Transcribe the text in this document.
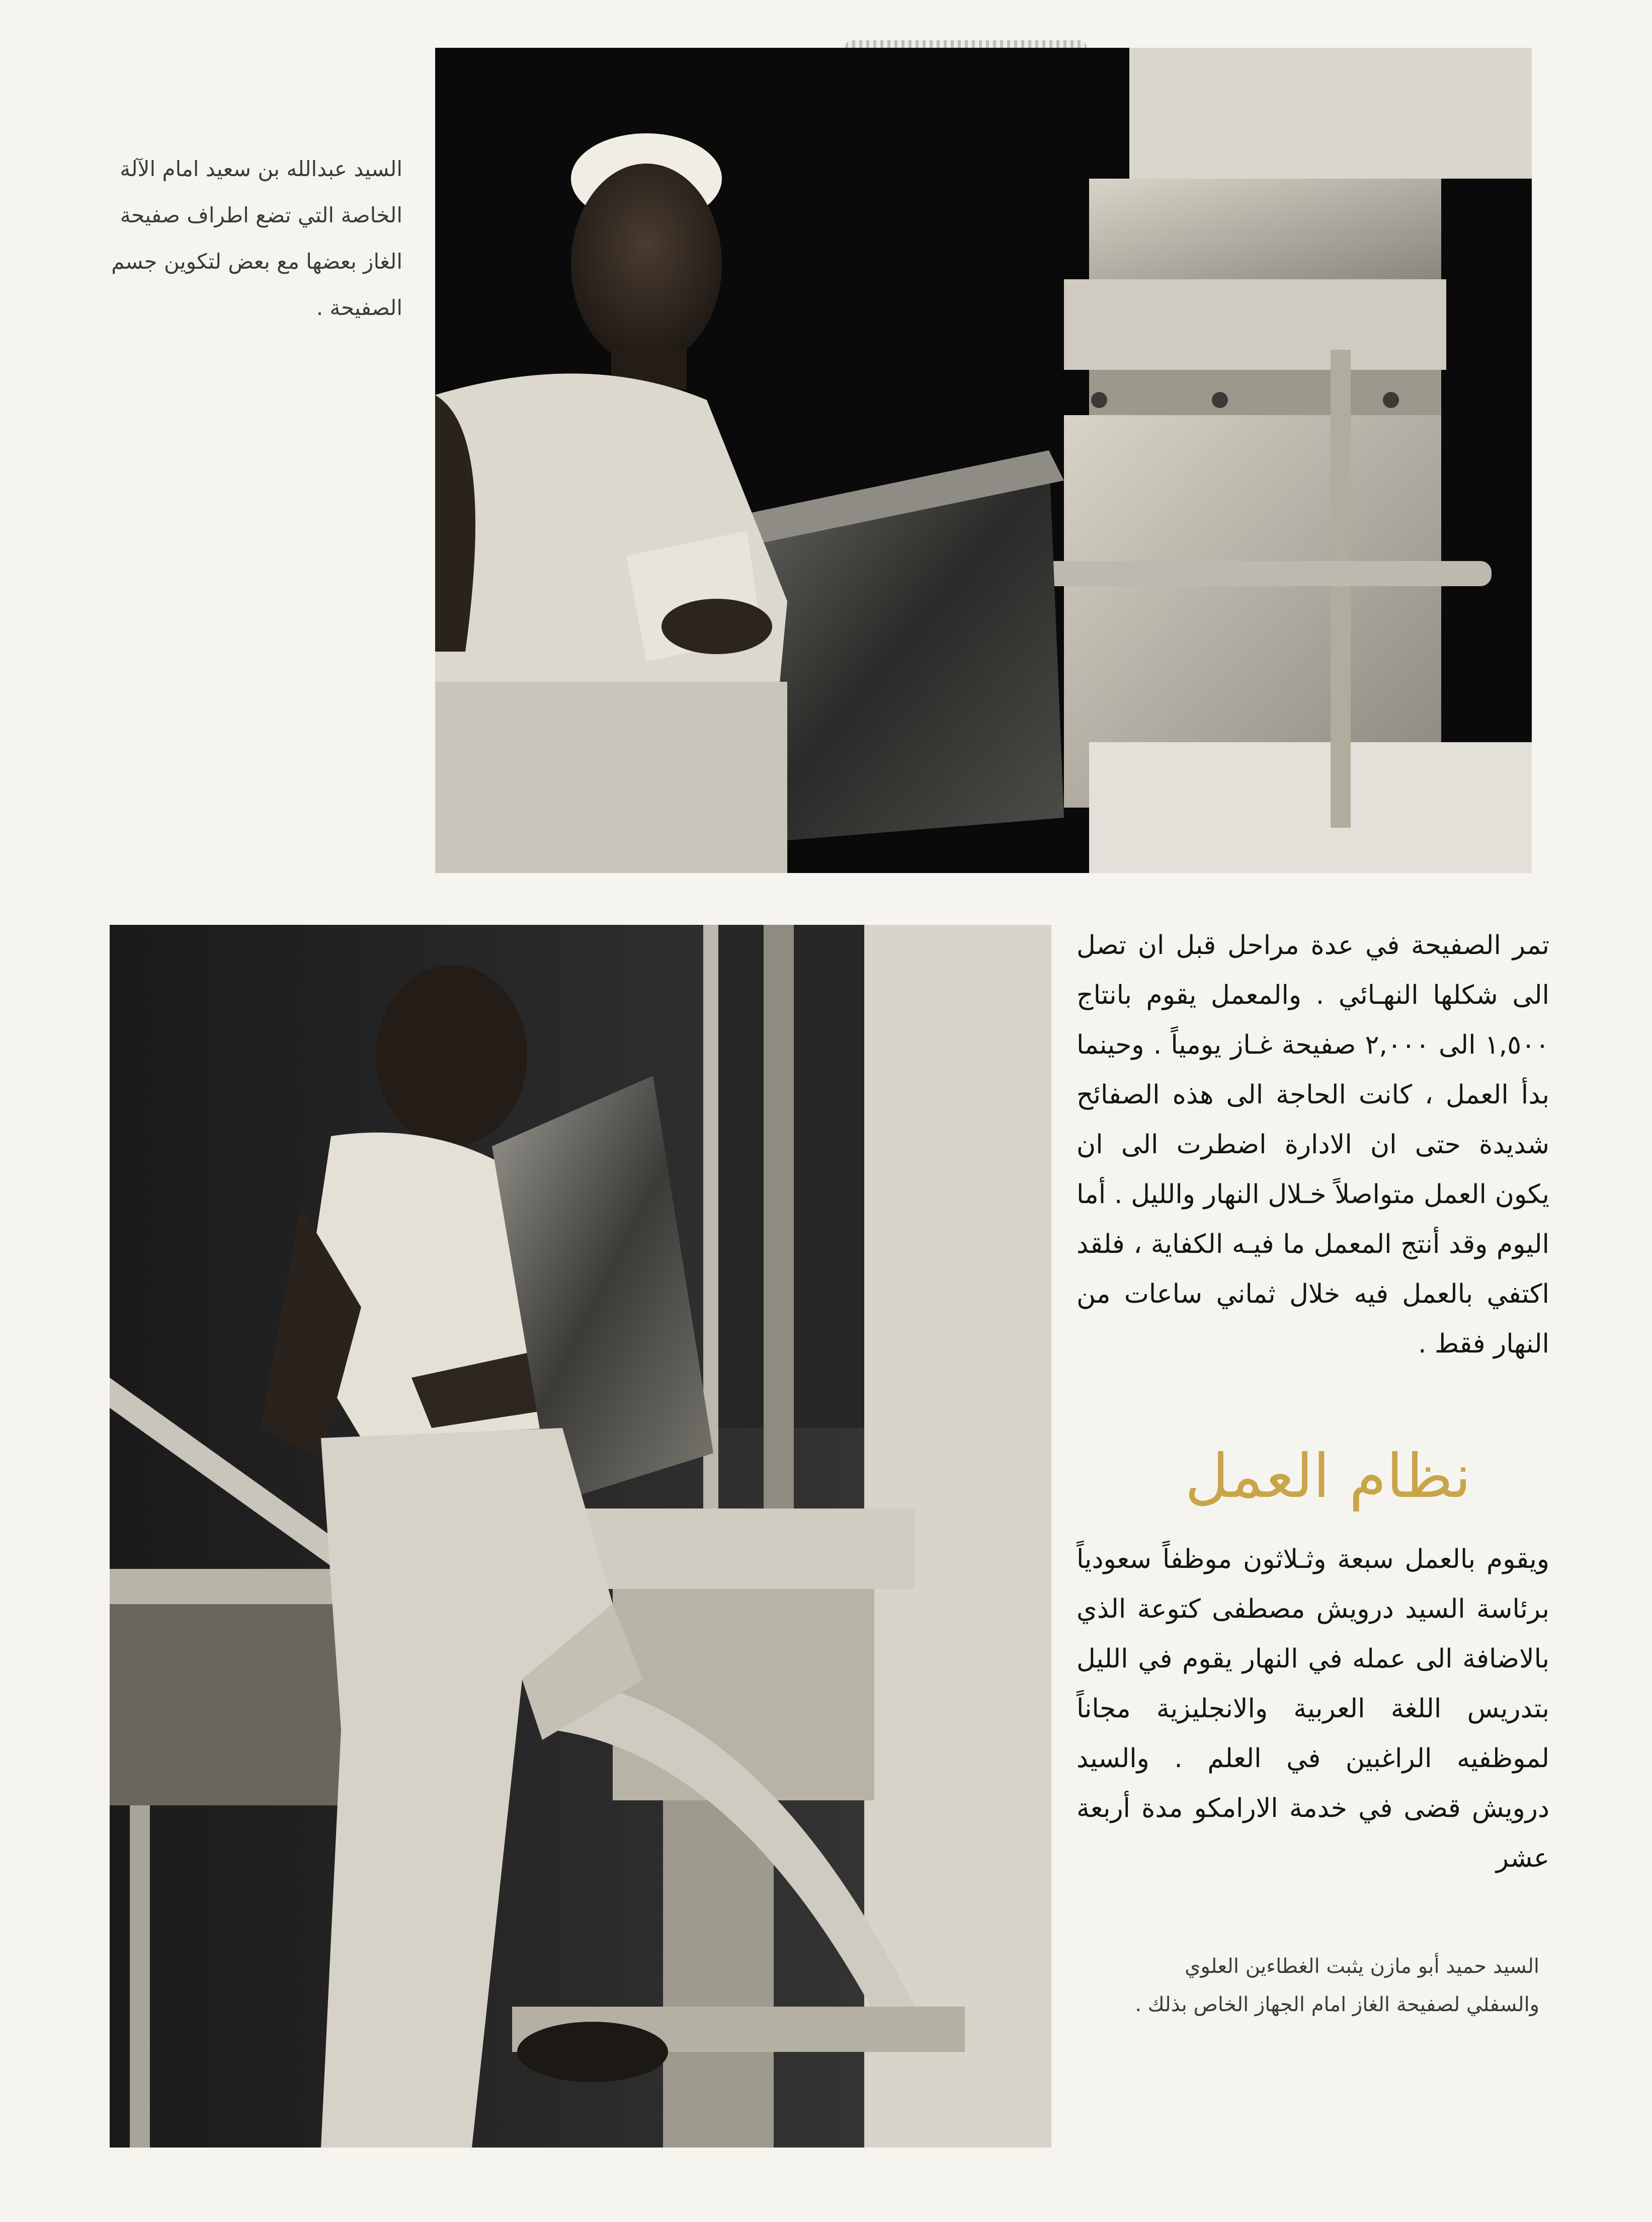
السيد عبدالله بن سعيد امام الآلة الخاصة التي تضع اطراف صفيحة الغاز بعضها مع بعض لتكوين جسم الصفيحة .
تمر الصفيحة في عدة مراحل قبل ان تصل الى شكلها النهـائي . والمعمل يقوم بانتاج ١,٥٠٠ الى ٢,٠٠٠ صفيحة غـاز يومياً . وحينما بدأ العمل ، كانت الحاجة الى هذه الصفائح شديدة حتى ان الادارة اضطرت الى ان يكون العمل متواصلاً خـلال النهار والليل . أما اليوم وقد أنتج المعمل ما فيـه الكفاية ، فلقد اكتفي بالعمل فيه خلال ثماني ساعات من النهار فقط .
نظام العمل
ويقوم بالعمل سبعة وثـلاثون موظفاً سعودياً برئاسة السيد درويش مصطفى كتوعة الذي بالاضافة الى عمله في النهار يقوم في الليل بتدريس اللغة العربية والانجليزية مجاناً لموظفيه الراغبين في العلم . والسيد درويش قضى في خدمة الارامكو مدة أربعة عشر
السيد حميد أبو مازن يثبت الغطاءين العلوي والسفلي لصفيحة الغاز امام الجهاز الخاص بذلك .
